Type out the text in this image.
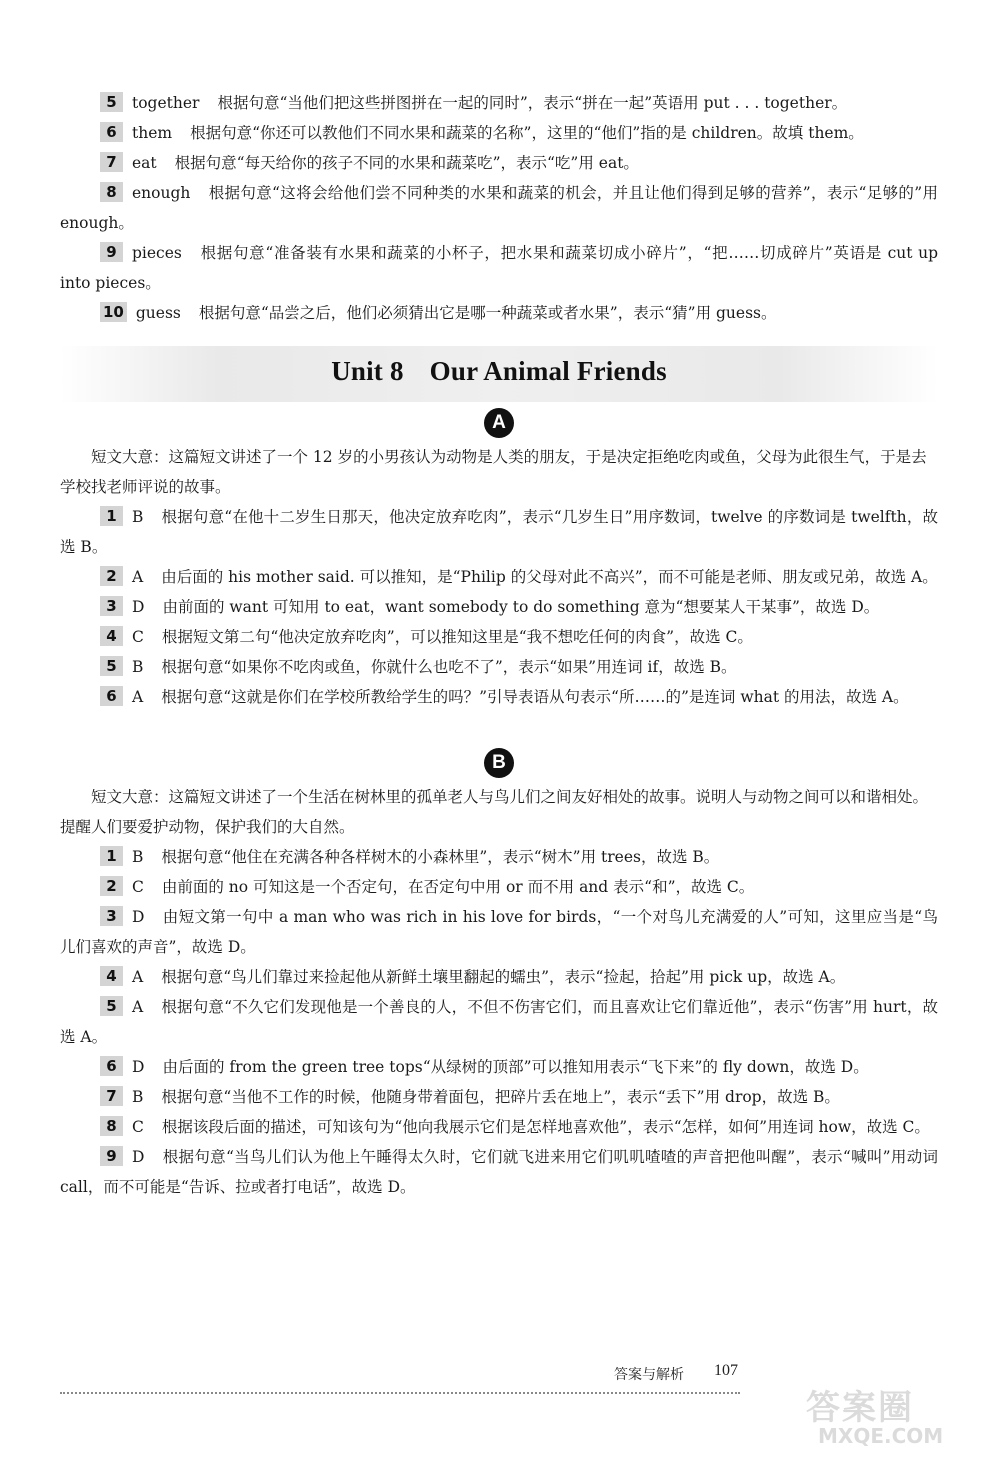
5 together 根据句意“当他们把这些拼图拼在一起的同时”，表示“拼在一起”英语用 put . . . together。

6 them 根据句意“你还可以教他们不同水果和蔬菜的名称”，这里的“他们”指的是 children。故填 them。

7 eat 根据句意“每天给你的孩子不同的水果和蔬菜吃”，表示“吃”用 eat。

8 enough 根据句意“这将会给他们尝不同种类的水果和蔬菜的机会，并且让他们得到足够的营养”，表示“足够的”用 enough。

9 pieces 根据句意“准备装有水果和蔬菜的小杯子，把水果和蔬菜切成小碎片”，“把……切成碎片”英语是 cut up into pieces。

10 guess 根据句意“品尝之后，他们必须猜出它是哪一种蔬菜或者水果”，表示“猜”用 guess。

Unit 8 Our Animal Friends
A

短文大意：这篇短文讲述了一个 12 岁的小男孩认为动物是人类的朋友，于是决定拒绝吃肉或鱼，父母为此很生气，于是去学校找老师评说的故事。

1 B 根据句意“在他十二岁生日那天，他决定放弃吃肉”，表示“几岁生日”用序数词，twelve 的序数词是 twelfth，故选 B。

2 A 由后面的 his mother said. 可以推知，是“Philip 的父母对此不高兴”，而不可能是老师、朋友或兄弟，故选 A。

3 D 由前面的 want 可知用 to eat，want somebody to do something 意为“想要某人干某事”，故选 D。

4 C 根据短文第二句“他决定放弃吃肉”，可以推知这里是“我不想吃任何的肉食”，故选 C。

5 B 根据句意“如果你不吃肉或鱼，你就什么也吃不了”，表示“如果”用连词 if，故选 B。

6 A 根据句意“这就是你们在学校所教给学生的吗？”引导表语从句表示“所……的”是连词 what 的用法，故选 A。

B

短文大意：这篇短文讲述了一个生活在树林里的孤单老人与鸟儿们之间友好相处的故事。说明人与动物之间可以和谐相处。提醒人们要爱护动物，保护我们的大自然。

1 B 根据句意“他住在充满各种各样树木的小森林里”，表示“树木”用 trees，故选 B。

2 C 由前面的 no 可知这是一个否定句，在否定句中用 or 而不用 and 表示“和”，故选 C。

3 D 由短文第一句中 a man who was rich in his love for birds，“一个对鸟儿充满爱的人”可知，这里应当是“鸟儿们喜欢的声音”，故选 D。

4 A 根据句意“鸟儿们靠过来捡起他从新鲜土壤里翻起的蠕虫”，表示“捡起，拾起”用 pick up，故选 A。

5 A 根据句意“不久它们发现他是一个善良的人，不但不伤害它们，而且喜欢让它们靠近他”，表示“伤害”用 hurt，故选 A。

6 D 由后面的 from the green tree tops“从绿树的顶部”可以推知用表示“飞下来”的 fly down，故选 D。

7 B 根据句意“当他不工作的时候，他随身带着面包，把碎片丢在地上”，表示“丢下”用 drop，故选 B。

8 C 根据该段后面的描述，可知该句为“他向我展示它们是怎样地喜欢他”，表示“怎样，如何”用连词 how，故选 C。

9 D 根据句意“当鸟儿们认为他上午睡得太久时，它们就飞进来用它们叽叽喳喳的声音把他叫醒”，表示“喊叫”用动词 call，而不可能是“告诉、拉或者打电话”，故选 D。

答案与解析 107
答案圈
MXQE.COM
